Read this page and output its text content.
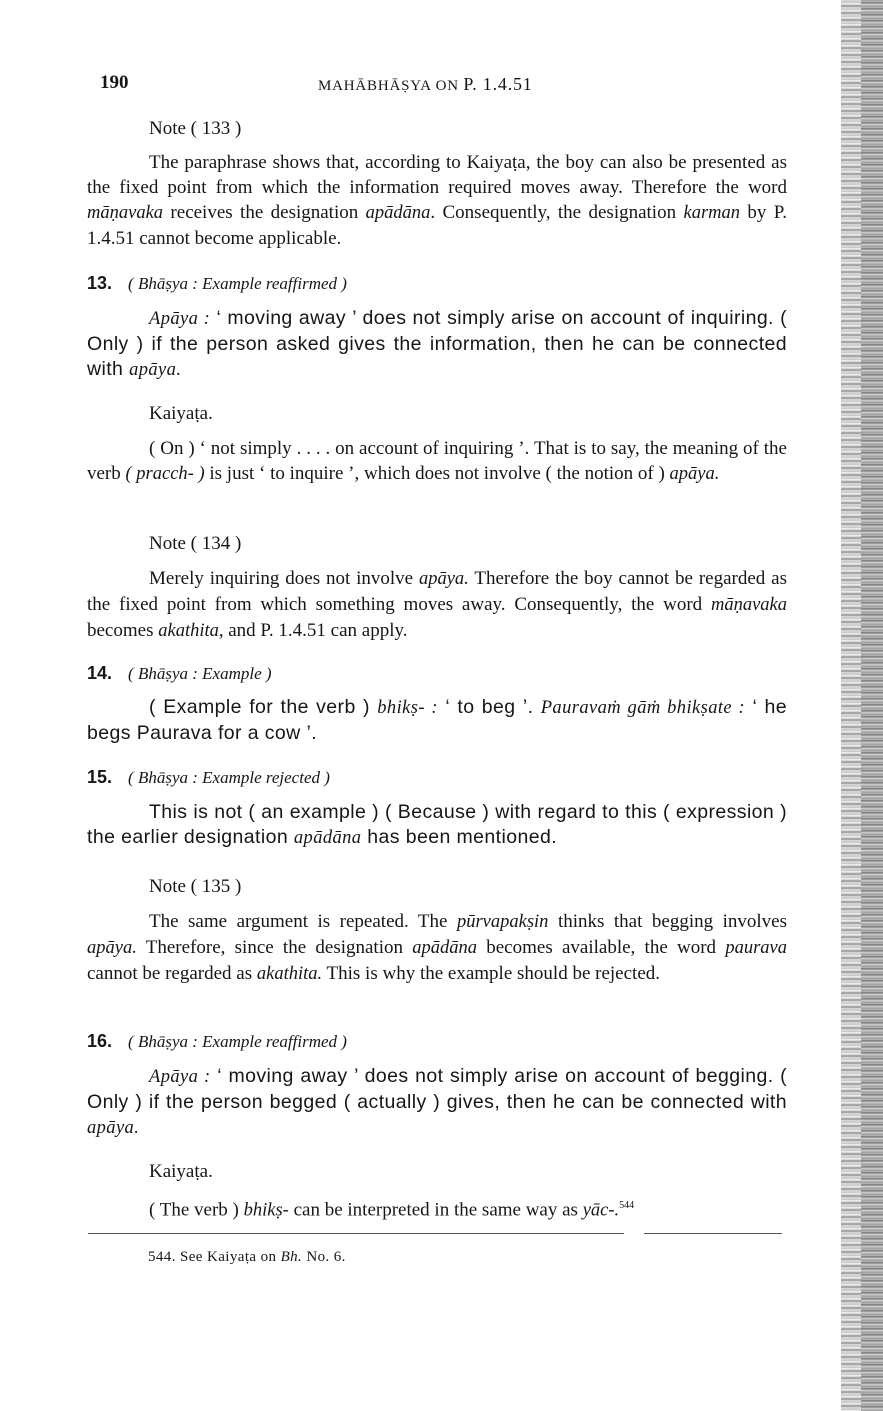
190	MAHĀBHĀṢYA ON P. 1.4.51
Note ( 133 )

The paraphrase shows that, according to Kaiyaṭa, the boy can also be presented as the fixed point from which the information required moves away. Therefore the word māṇavaka receives the designation apādāna. Consequently, the designation karman by P. 1.4.51 cannot become applicable.

13. ( Bhāṣya : Example reaffirmed )

Apāya : ‘ moving away ’ does not simply arise on account of inquiring. ( Only ) if the person asked gives the information, then he can be connected with apāya.

Kaiyaṭa.

( On ) ‘ not simply . . . . on account of inquiring ’. That is to say, the meaning of the verb ( pracch- ) is just ‘ to inquire ’, which does not involve ( the notion of ) apāya.

Note ( 134 )

Merely inquiring does not involve apāya. Therefore the boy cannot be regarded as the fixed point from which something moves away. Consequently, the word māṇavaka becomes akathita, and P. 1.4.51 can apply.

14. ( Bhāṣya : Example )

( Example for the verb ) bhikṣ- : ‘ to beg ’. Pauravaṁ gāṁ bhikṣate : ‘ he begs Paurava for a cow ’.

15. ( Bhāṣya : Example rejected )

This is not ( an example ) ( Because ) with regard to this ( expression ) the earlier designation apādāna has been mentioned.

Note ( 135 )

The same argument is repeated. The pūrvapakṣin thinks that begging involves apāya. Therefore, since the designation apādāna becomes available, the word paurava cannot be regarded as akathita. This is why the example should be rejected.

16. ( Bhāṣya : Example reaffirmed )

Apāya : ‘ moving away ’ does not simply arise on account of begging. ( Only ) if the person begged ( actually ) gives, then he can be connected with apāya.

Kaiyaṭa.

( The verb ) bhikṣ- can be interpreted in the same way as yāc-.$^{544}$

544. See Kaiyaṭa on Bh. No. 6.
